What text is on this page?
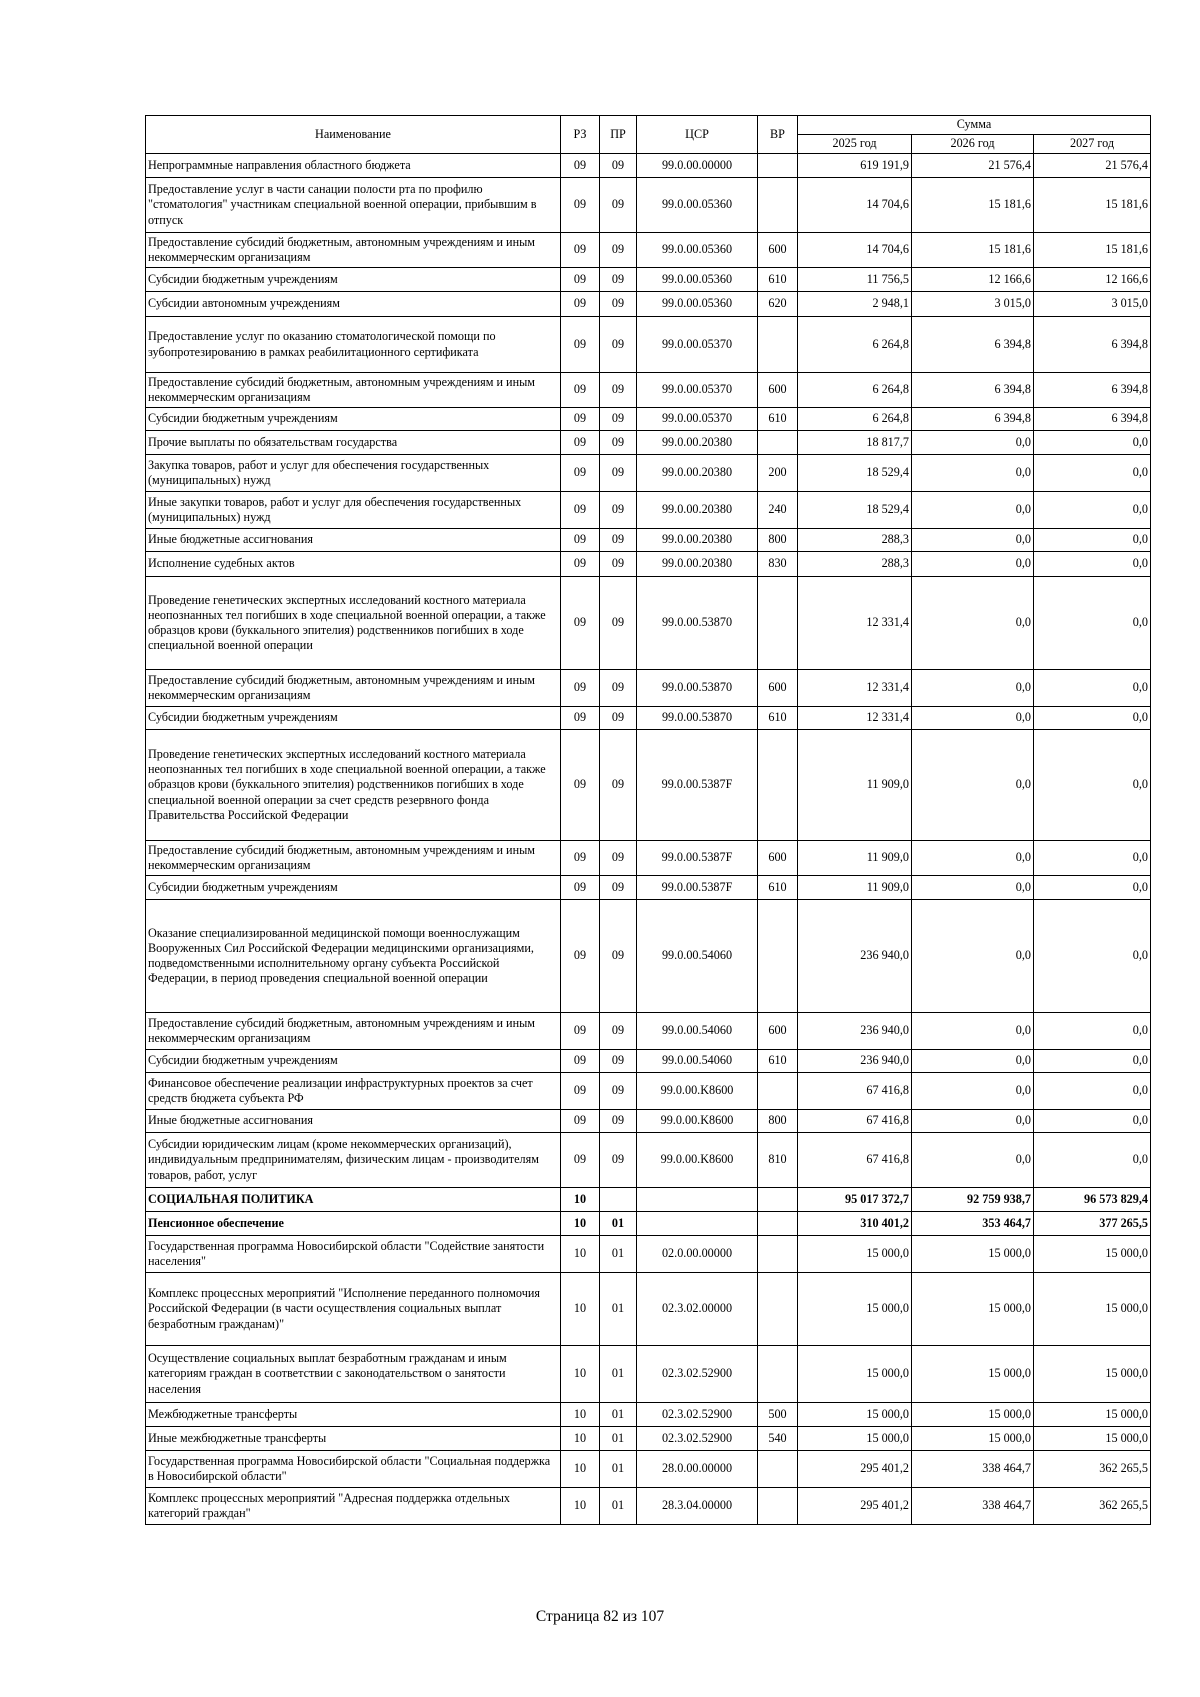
Наименование	РЗ	ПР	ЦСР	ВР	Сумма		
					2025 год	2026 год	2027 год
Непрограммные направления областного бюджета	09	09	99.0.00.00000		619 191,9	21 576,4	21 576,4
Предоставление услуг в части санации полости рта по профилю "стоматология" участникам специальной военной операции, прибывшим в отпуск	09	09	99.0.00.05360		14 704,6	15 181,6	15 181,6
Предоставление субсидий бюджетным, автономным учреждениям и иным некоммерческим организациям	09	09	99.0.00.05360	600	14 704,6	15 181,6	15 181,6
Субсидии бюджетным учреждениям	09	09	99.0.00.05360	610	11 756,5	12 166,6	12 166,6
Субсидии автономным учреждениям	09	09	99.0.00.05360	620	2 948,1	3 015,0	3 015,0
Предоставление услуг по оказанию стоматологической помощи по зубопротезированию в рамках реабилитационного сертификата	09	09	99.0.00.05370		6 264,8	6 394,8	6 394,8
Предоставление субсидий бюджетным, автономным учреждениям и иным некоммерческим организациям	09	09	99.0.00.05370	600	6 264,8	6 394,8	6 394,8
Субсидии бюджетным учреждениям	09	09	99.0.00.05370	610	6 264,8	6 394,8	6 394,8
Прочие выплаты по обязательствам государства	09	09	99.0.00.20380		18 817,7	0,0	0,0
Закупка товаров, работ и услуг для обеспечения государственных (муниципальных) нужд	09	09	99.0.00.20380	200	18 529,4	0,0	0,0
Иные закупки товаров, работ и услуг для обеспечения государственных (муниципальных) нужд	09	09	99.0.00.20380	240	18 529,4	0,0	0,0
Иные бюджетные ассигнования	09	09	99.0.00.20380	800	288,3	0,0	0,0
Исполнение судебных актов	09	09	99.0.00.20380	830	288,3	0,0	0,0
Проведение генетических экспертных исследований костного материала неопознанных тел погибших в ходе специальной военной операции, а также образцов крови (буккального эпителия) родственников погибших в ходе специальной военной операции	09	09	99.0.00.53870		12 331,4	0,0	0,0
Предоставление субсидий бюджетным, автономным учреждениям и иным некоммерческим организациям	09	09	99.0.00.53870	600	12 331,4	0,0	0,0
Субсидии бюджетным учреждениям	09	09	99.0.00.53870	610	12 331,4	0,0	0,0
Проведение генетических экспертных исследований костного материала неопознанных тел погибших в ходе специальной военной операции, а также образцов крови (буккального эпителия) родственников погибших в ходе специальной военной операции за счет средств резервного фонда Правительства Российской Федерации	09	09	99.0.00.5387F		11 909,0	0,0	0,0
Предоставление субсидий бюджетным, автономным учреждениям и иным некоммерческим организациям	09	09	99.0.00.5387F	600	11 909,0	0,0	0,0
Субсидии бюджетным учреждениям	09	09	99.0.00.5387F	610	11 909,0	0,0	0,0
Оказание специализированной медицинской помощи военнослужащим Вооруженных Сил Российской Федерации медицинскими организациями, подведомственными исполнительному органу субъекта Российской Федерации, в период проведения специальной военной операции	09	09	99.0.00.54060		236 940,0	0,0	0,0
Предоставление субсидий бюджетным, автономным учреждениям и иным некоммерческим организациям	09	09	99.0.00.54060	600	236 940,0	0,0	0,0
Субсидии бюджетным учреждениям	09	09	99.0.00.54060	610	236 940,0	0,0	0,0
Финансовое обеспечение реализации инфраструктурных проектов за счет средств бюджета субъекта РФ	09	09	99.0.00.K8600		67 416,8	0,0	0,0
Иные бюджетные ассигнования	09	09	99.0.00.K8600	800	67 416,8	0,0	0,0
Субсидии юридическим лицам (кроме некоммерческих организаций), индивидуальным предпринимателям, физическим лицам - производителям товаров, работ, услуг	09	09	99.0.00.K8600	810	67 416,8	0,0	0,0
СОЦИАЛЬНАЯ ПОЛИТИКА	10				95 017 372,7	92 759 938,7	96 573 829,4
Пенсионное обеспечение	10	01			310 401,2	353 464,7	377 265,5
Государственная программа Новосибирской области "Содействие занятости населения"	10	01	02.0.00.00000		15 000,0	15 000,0	15 000,0
Комплекс процессных мероприятий "Исполнение переданного полномочия Российской Федерации (в части осуществления социальных выплат безработным гражданам)"	10	01	02.3.02.00000		15 000,0	15 000,0	15 000,0
Осуществление социальных выплат безработным гражданам и иным категориям граждан в соответствии с законодательством о занятости населения	10	01	02.3.02.52900		15 000,0	15 000,0	15 000,0
Межбюджетные трансферты	10	01	02.3.02.52900	500	15 000,0	15 000,0	15 000,0
Иные межбюджетные трансферты	10	01	02.3.02.52900	540	15 000,0	15 000,0	15 000,0
Государственная программа Новосибирской области "Социальная поддержка в Новосибирской области"	10	01	28.0.00.00000		295 401,2	338 464,7	362 265,5
Комплекс процессных мероприятий "Адресная поддержка отдельных категорий граждан"	10	01	28.3.04.00000		295 401,2	338 464,7	362 265,5
Страница 82 из 107
